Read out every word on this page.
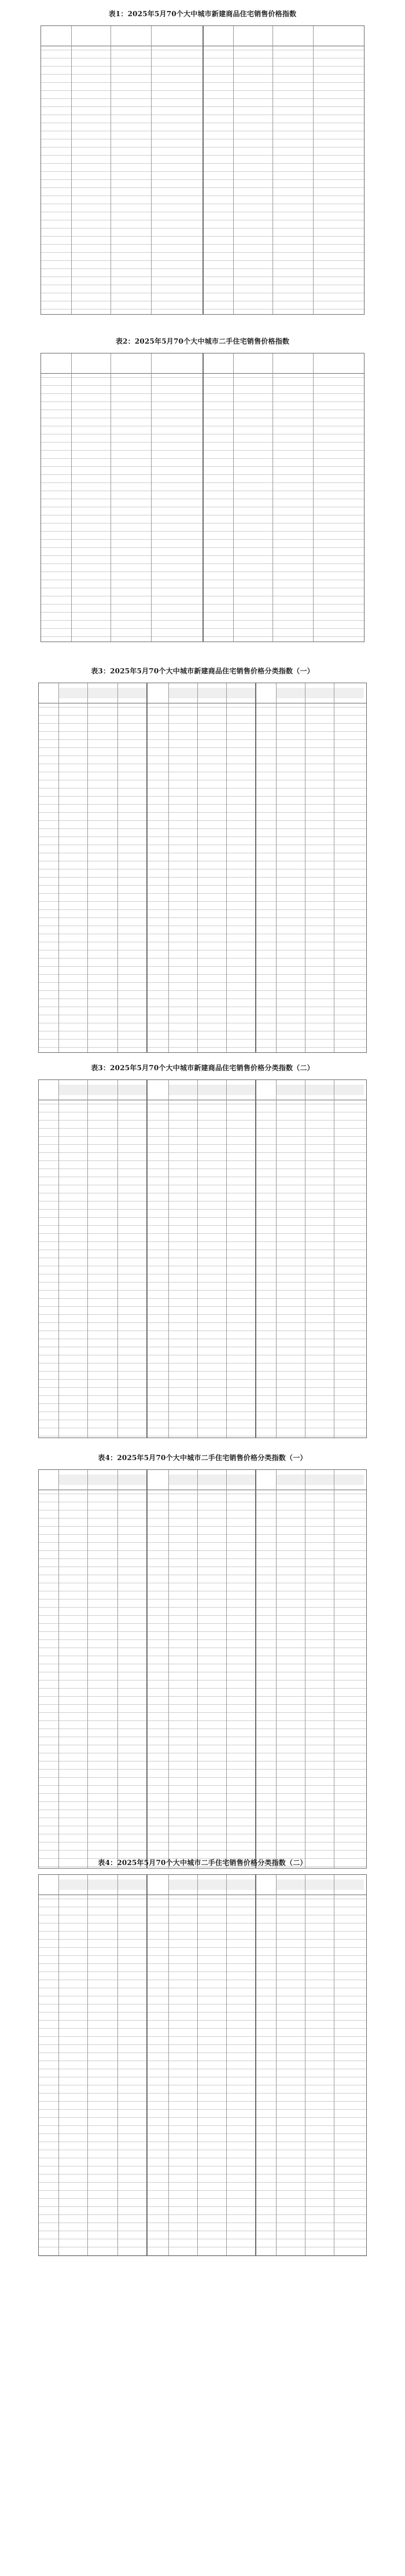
表1：2025年5月70个大中城市新建商品住宅销售价格指数
表2：2025年5月70个大中城市二手住宅销售价格指数
表3：2025年5月70个大中城市新建商品住宅销售价格分类指数（一）
表3：2025年5月70个大中城市新建商品住宅销售价格分类指数（二）
表4：2025年5月70个大中城市二手住宅销售价格分类指数（一）
表4：2025年5月70个大中城市二手住宅销售价格分类指数（二）
